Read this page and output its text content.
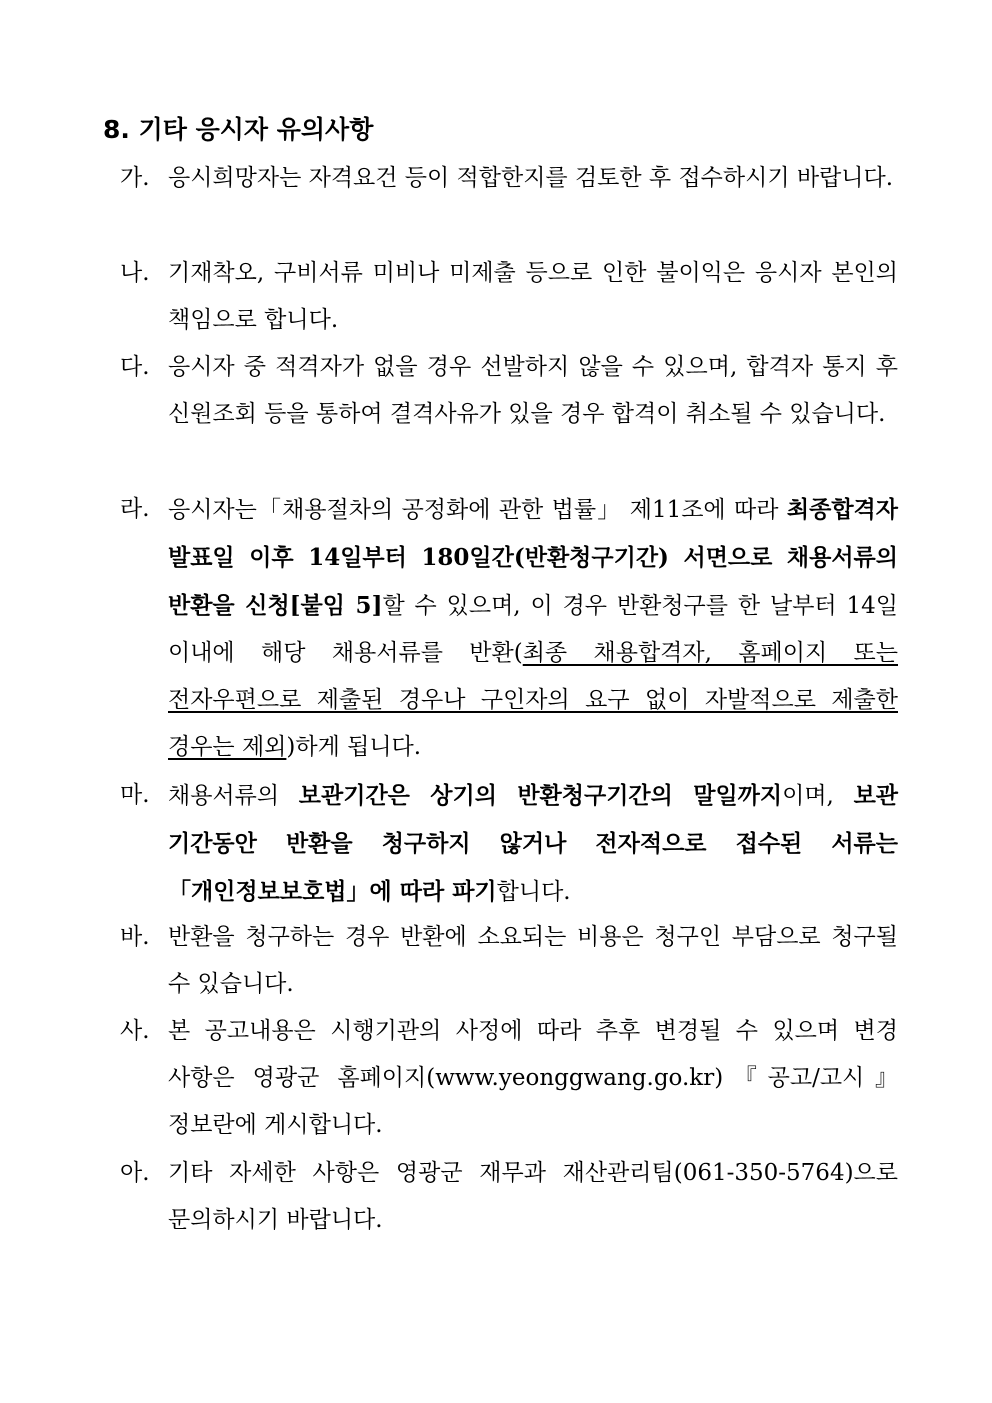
8. 기타 응시자 유의사항
가. 응시희망자는 자격요건 등이 적합한지를 검토한 후 접수하시기 바랍니다.
나. 기재착오, 구비서류 미비나 미제출 등으로 인한 불이익은 응시자 본인의 책임으로 합니다.
다. 응시자 중 적격자가 없을 경우 선발하지 않을 수 있으며, 합격자 통지 후 신원조회 등을 통하여 결격사유가 있을 경우 합격이 취소될 수 있습니다.
라. 응시자는「채용절차의 공정화에 관한 법률」 제11조에 따라 최종합격자 발표일 이후 14일부터 180일간(반환청구기간) 서면으로 채용서류의 반환을 신청[붙임 5]할 수 있으며, 이 경우 반환청구를 한 날부터 14일 이내에 해당 채용서류를 반환(최종 채용합격자, 홈페이지 또는 전자우편으로 제출된 경우나 구인자의 요구 없이 자발적으로 제출한 경우는 제외)하게 됩니다.
마. 채용서류의 보관기간은 상기의 반환청구기간의 말일까지이며, 보관 기간동안 반환을 청구하지 않거나 전자적으로 접수된 서류는「개인정보보호법」에 따라 파기합니다.
바. 반환을 청구하는 경우 반환에 소요되는 비용은 청구인 부담으로 청구될 수 있습니다.
사. 본 공고내용은 시행기관의 사정에 따라 추후 변경될 수 있으며 변경 사항은 영광군 홈페이지(www.yeonggwang.go.kr)『공고/고시』 정보란에 게시합니다.
아. 기타 자세한 사항은 영광군 재무과 재산관리팀(061-350-5764)으로 문의하시기 바랍니다.
